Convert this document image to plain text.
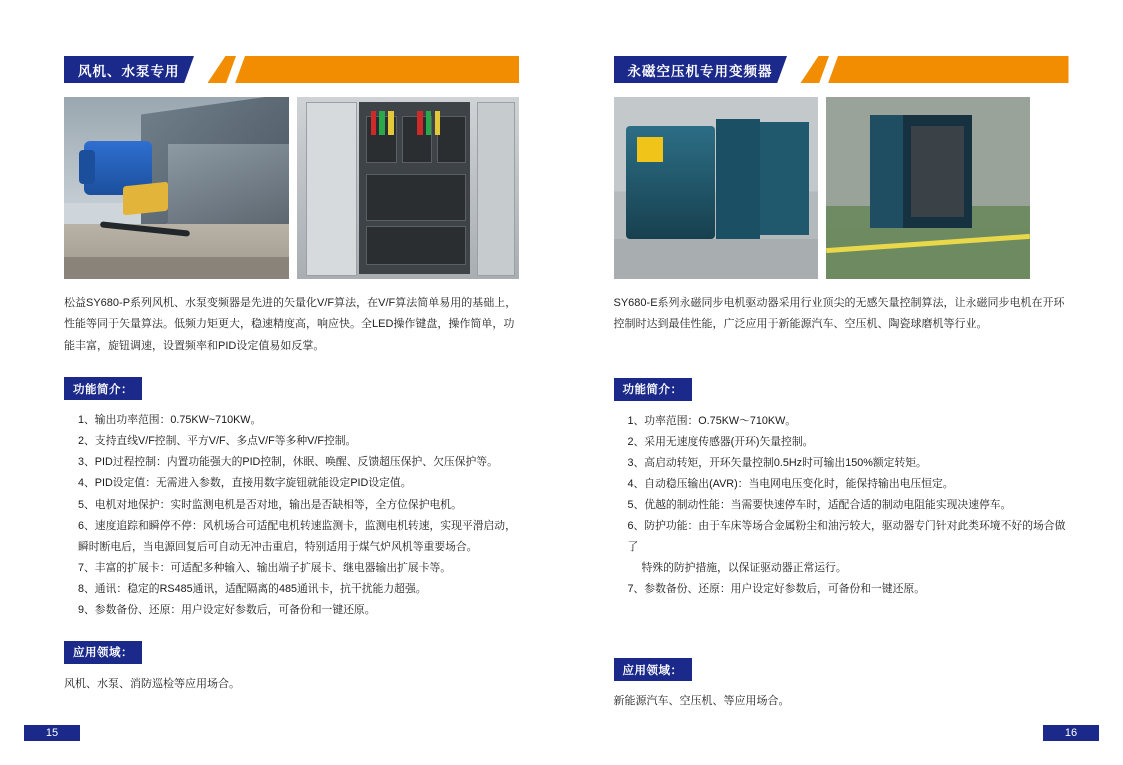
风机、水泵专用

松益SY680-P系列风机、水泵变频器是先进的矢量化V/F算法，在V/F算法简单易用的基础上，性能等同于矢量算法。低频力矩更大，稳速精度高，响应快。全LED操作键盘，操作简单，功能丰富，旋钮调速，设置频率和PID设定值易如反掌。

功能简介：
1、输出功率范围：0.75KW~710KW。
2、支持直线V/F控制、平方V/F、多点V/F等多种V/F控制。
3、PID过程控制：内置功能强大的PID控制，休眠、唤醒、反馈超压保护、欠压保护等。
4、PID设定值：无需进入参数，直接用数字旋钮就能设定PID设定值。
5、电机对地保护：实时监测电机是否对地，输出是否缺相等，全方位保护电机。
6、速度追踪和瞬停不停：风机场合可适配电机转速监测卡，监测电机转速，实现平滑启动，瞬时断电后，当电源回复后可自动无冲击重启，特别适用于煤气炉风机等重要场合。
7、丰富的扩展卡：可适配多种输入、输出端子扩展卡、继电器输出扩展卡等。
8、通讯：稳定的RS485通讯，适配隔离的485通讯卡，抗干扰能力超强。
9、参数备份、还原：用户设定好参数后，可备份和一键还原。
应用领域：
风机、水泵、消防巡检等应用场合。
15
永磁空压机专用变频器

SY680-E系列永磁同步电机驱动器采用行业顶尖的无感矢量控制算法，让永磁同步电机在开环控制时达到最佳性能，广泛应用于新能源汽车、空压机、陶瓷球磨机等行业。

功能简介：
1、功率范围：O.75KW～710KW。
2、采用无速度传感器(开环)矢量控制。
3、高启动转矩，开环矢量控制0.5Hz时可输出150%额定转矩。
4、自动稳压输出(AVR)：当电网电压变化时，能保持输出电压恒定。
5、优越的制动性能：当需要快速停车时，适配合适的制动电阻能实现决速停车。
6、防护功能：由于车床等场合金属粉尘和油污较大，驱动器专门针对此类环境不好的场合做了
特殊的防护措施，以保证驱动器正常运行。
7、参数备份、还原：用户设定好参数后，可备份和一键还原。
应用领域：
新能源汽车、空压机、等应用场合。
16
